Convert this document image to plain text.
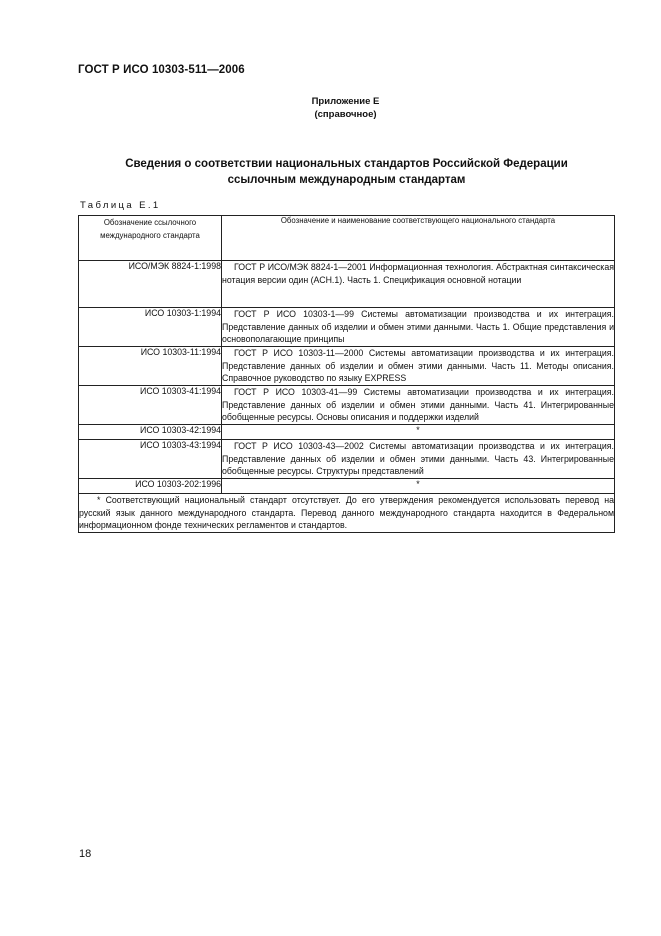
ГОСТ Р ИСО 10303-511—2006
Приложение Е
(справочное)
Сведения о соответствии национальных стандартов Российской Федерации
ссылочным международным стандартам
Таблица Е.1
Обозначение ссылочного международного стандарта	Обозначение и наименование соответствующего национального стандарта
ИСО/МЭК 8824-1:1998	ГОСТ Р ИСО/МЭК 8824-1—2001 Информационная технология. Абстрактная синтаксическая нотация версии один (АСН.1). Часть 1. Спецификация основной нотации
ИСО 10303-1:1994	ГОСТ Р ИСО 10303-1—99 Системы автоматизации производства и их интеграция. Представление данных об изделии и обмен этими данными. Часть 1. Общие представления и основополагающие принципы
ИСО 10303-11:1994	ГОСТ Р ИСО 10303-11—2000 Системы автоматизации производства и их интеграция. Представление данных об изделии и обмен этими данными. Часть 11. Методы описания. Справочное руководство по языку EXPRESS
ИСО 10303-41:1994	ГОСТ Р ИСО 10303-41—99 Системы автоматизации производства и их интеграция. Представление данных об изделии и обмен этими данными. Часть 41. Интегрированные обобщенные ресурсы. Основы описания и поддержки изделий
ИСО 10303-42:1994	*
ИСО 10303-43:1994	ГОСТ Р ИСО 10303-43—2002 Системы автоматизации производства и их интеграция. Представление данных об изделии и обмен этими данными. Часть 43. Интегрированные обобщенные ресурсы. Структуры представлений
ИСО 10303-202:1996	*
* Соответствующий национальный стандарт отсутствует. До его утверждения рекомендуется использовать перевод на русский язык данного международного стандарта. Перевод данного международного стандарта находится в Федеральном информационном фонде технических регламентов и стандартов.	
18
